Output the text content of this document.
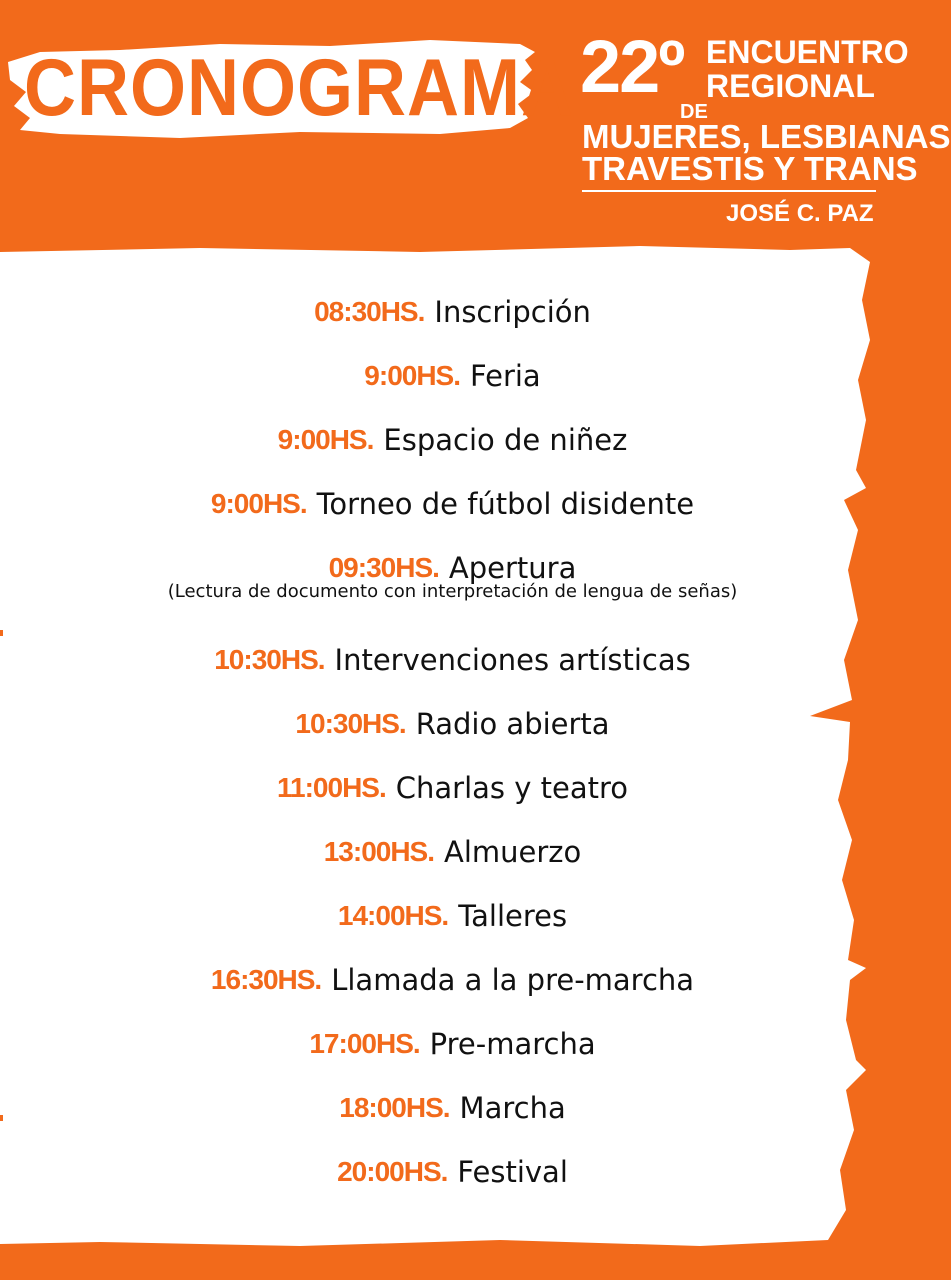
CRONOGRAMA 22º ENCUENTRO
REGIONAL
DE
MUJERES, LESBIANAS
TRAVESTIS Y TRANS
JOSÉ C. PAZ
08:30HS. Inscripción
9:00HS. Feria
9:00HS. Espacio de niñez
9:00HS. Torneo de fútbol disidente
09:30HS. Apertura
(Lectura de documento con interpretación de lengua de señas)
10:30HS. Intervenciones artísticas
10:30HS. Radio abierta
11:00HS. Charlas y teatro
13:00HS. Almuerzo
14:00HS. Talleres
16:30HS. Llamada a la pre-marcha
17:00HS. Pre-marcha
18:00HS. Marcha
20:00HS. Festival
